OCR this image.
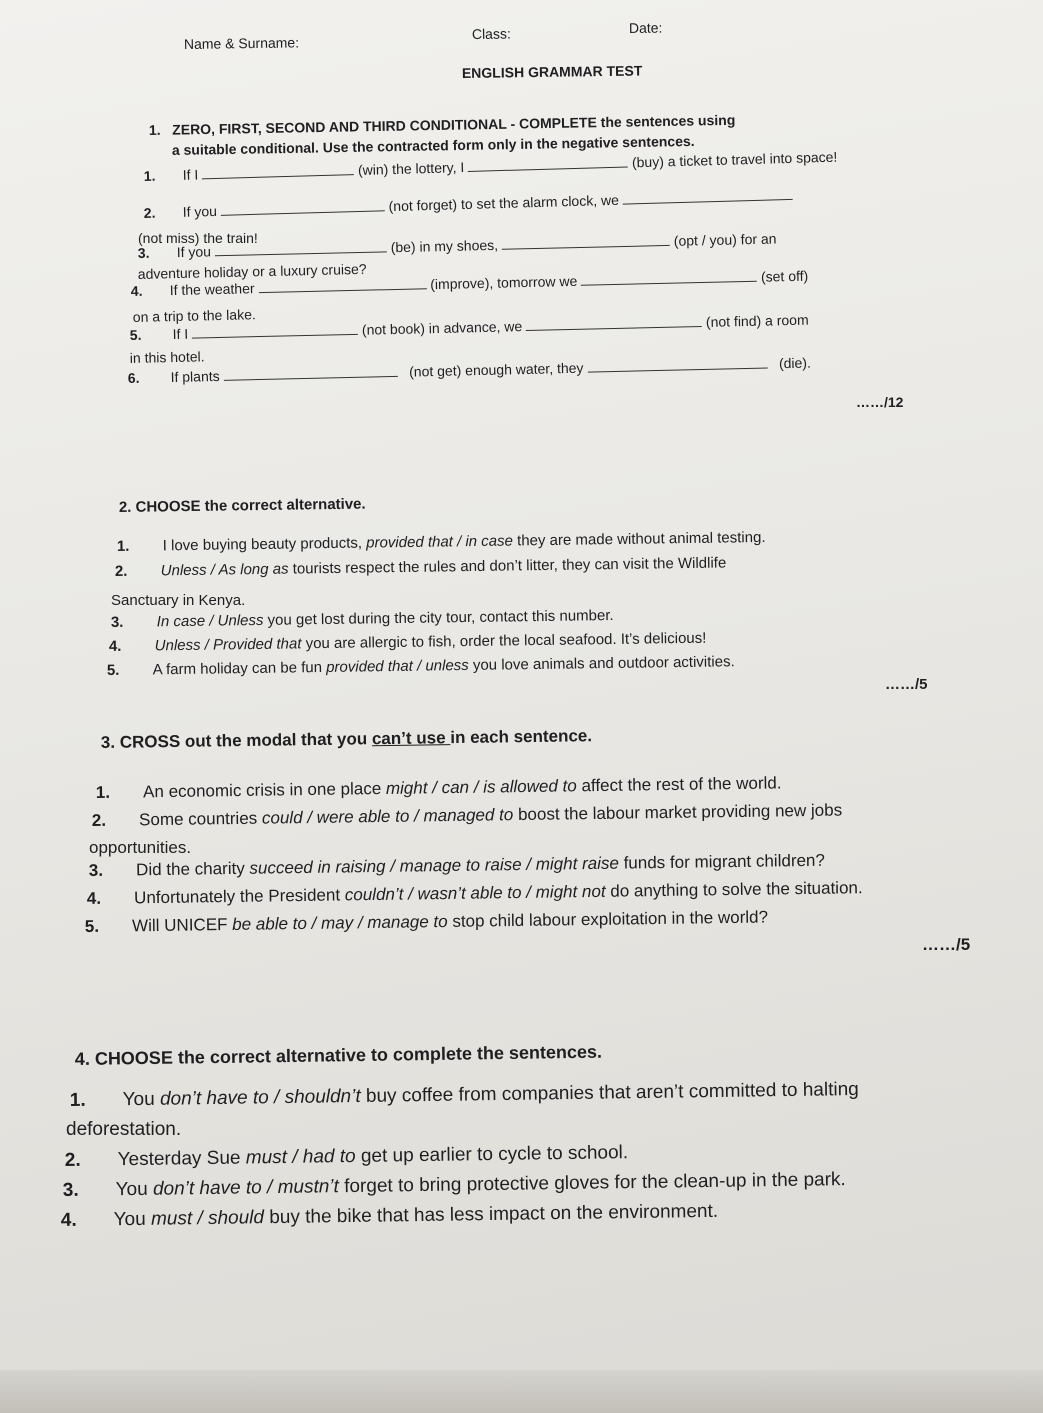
Name & Surname:
Class:	Date:
ENGLISH GRAMMAR TEST
1. ZERO, FIRST, SECOND AND THIRD CONDITIONAL - COMPLETE the sentences using
a suitable conditional. Use the contracted form only in the negative sentences.
1. If I	(win) the lottery, I	(buy) a ticket to travel into space!
2. If you	(not forget) to set the alarm clock, we
(not miss) the train!
3. If you	(be) in my shoes,	(opt / you) for an
adventure holiday or a luxury cruise?
4. If the weather	(improve), tomorrow we	(set off)
on a trip to the lake.
5. If I	(not book) in advance, we	(not find) a room
in this hotel.
6. If plants	(not get) enough water, they	(die).
……/12
2. CHOOSE the correct alternative.
1. I love buying beauty products, provided that / in case they are made without animal testing.
2. Unless / As long as tourists respect the rules and don’t litter, they can visit the Wildlife
Sanctuary in Kenya.
3. In case / Unless you get lost during the city tour, contact this number.
4. Unless / Provided that you are allergic to fish, order the local seafood. It’s delicious!
5. A farm holiday can be fun provided that / unless you love animals and outdoor activities.
……/5
3. CROSS out the modal that you can’t use in each sentence.
1. An economic crisis in one place might / can / is allowed to affect the rest of the world.
2. Some countries could / were able to / managed to boost the labour market providing new jobs
opportunities.
3. Did the charity succeed in raising / manage to raise / might raise funds for migrant children?
4. Unfortunately the President couldn’t / wasn’t able to / might not do anything to solve the situation.
5. Will UNICEF be able to / may / manage to stop child labour exploitation in the world?
……/5
4. CHOOSE the correct alternative to complete the sentences.
1. You don’t have to / shouldn’t buy coffee from companies that aren’t committed to halting
deforestation.
2. Yesterday Sue must / had to get up earlier to cycle to school.
3. You don’t have to / mustn’t forget to bring protective gloves for the clean-up in the park.
4. You must / should buy the bike that has less impact on the environment.
